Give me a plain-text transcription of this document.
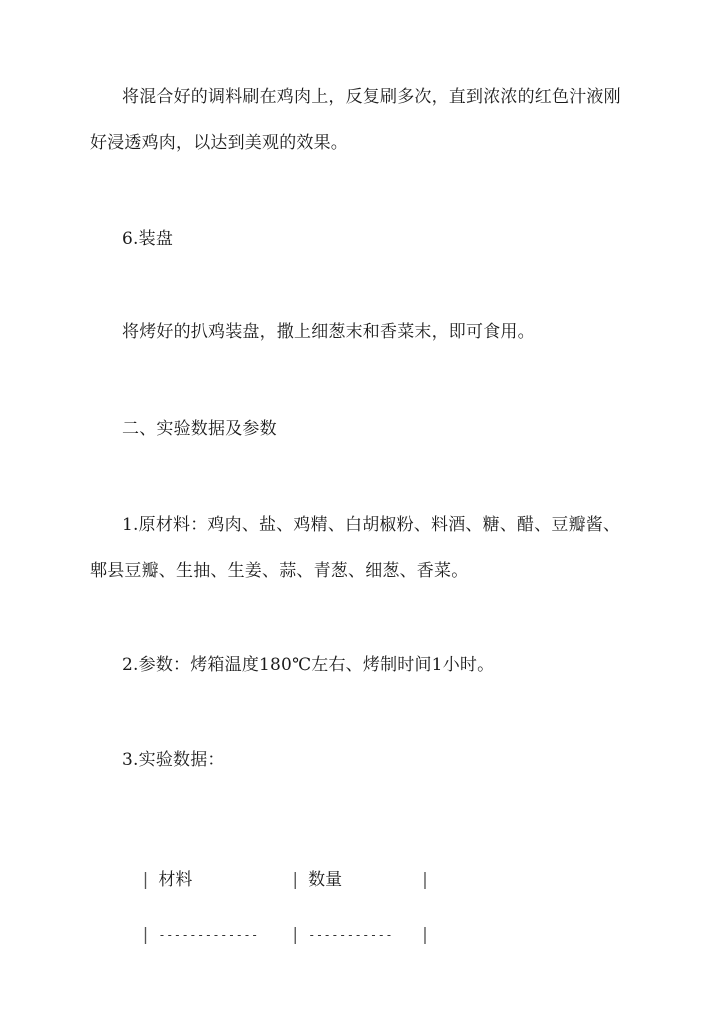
将混合好的调料刷在鸡肉上，反复刷多次，直到浓浓的红色汁液刚好浸透鸡肉，以达到美观的效果。

6.装盘

将烤好的扒鸡装盘，撒上细葱末和香菜末，即可食用。

二、实验数据及参数

1.原材料：鸡肉、盐、鸡精、白胡椒粉、料酒、糖、醋、豆瓣酱、郫县豆瓣、生抽、生姜、蒜、青葱、细葱、香菜。

2.参数：烤箱温度180℃左右、烤制时间1小时。

3.实验数据：

| 材料	| 数量	|

| ------------- | ----------- |
